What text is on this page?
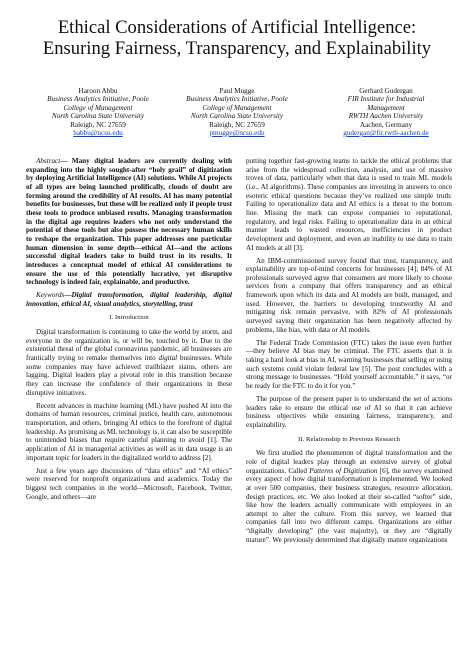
Ethical Considerations of Artificial Intelligence:
Ensuring Fairness, Transparency, and Explainability
Haroon Abbu
Business Analytics Initiative, Poole
College of Management
North Carolina State University
Raleigh, NC 27659
habbu@ncsu.edu
Paul Mugge
Business Analytics Initiative, Poole
College of Management
North Carolina State University
Raleigh, NC 27659
pmugge@ncsu.edu
Gerhard Gudergan
FIR Institute for Industrial
Management
RWTH Aachen University
Aachen, Germany
gudergan@fir.rwth-aachen.de

Abstract— Many digital leaders are currently dealing with expanding into the highly sought-after “holy grail” of digitization by deploying Artificial Intelligence (AI) solutions. While AI projects of all types are being launched prolifically, clouds of doubt are forming around the credibility of AI results. AI has many potential benefits for businesses, but these will be realized only if people trust these tools to produce unbiased results. Managing transformation in the digital age requires leaders who not only understand the potential of these tools but also possess the necessary human skills to reshape the organization. This paper addresses one particular human dimension in some depth—ethical AI—and the actions successful digital leaders take to build trust in its results. It introduces a conceptual model of ethical AI considerations to ensure the use of this potentially lucrative, yet disruptive technology is indeed fair, explainable, and productive.

Keywords—Digital transformation, digital leadership, digital innovation, ethical AI, visual analytics, storytelling, trust

I. Introduction

Digital transformation is continuing to take the world by storm, and everyone in the organization is, or will be, touched by it. Due to the existential threat of the global coronavirus pandemic, all businesses are frantically trying to remake themselves into digital businesses. While some companies may have achieved trailblazer status, others are lagging. Digital leaders play a pivotal role in this transition because they can increase the confidence of their organizations in these disruptive initiatives.

Recent advances in machine learning (ML) have pushed AI into the domains of human resources, criminal justice, health care, autonomous transportation, and others, bringing AI ethics to the forefront of digital leadership. As promising as ML technology is, it can also be susceptible to unintended biases that require careful planning to avoid [1]. The application of AI in managerial activities as well as in data usage is an important topic for leaders in the digitalized world to address [2].

Just a few years ago discussions of “data ethics” and “AI ethics” were reserved for nonprofit organizations and academics. Today the biggest tech companies in the world—Microsoft, Facebook, Twitter, Google, and others—are

putting together fast-growing teams to tackle the ethical problems that arise from the widespread collection, analysis, and use of massive troves of data, particularly when that data is used to train ML models (i.e., AI algorithms). These companies are investing in answers to once esoteric ethical questions because they’ve realized one simple truth: Failing to operationalize data and AI ethics is a threat to the bottom line. Missing the mark can expose companies to reputational, regulatory, and legal risks. Failing to operationalize data in an ethical manner leads to wasted resources, inefficiencies in product development and deployment, and even an inability to use data to train AI models at all [3].

An IBM-commissioned survey found that trust, transparency, and explainability are top-of-mind concerns for businesses [4]; 84% of AI professionals surveyed agree that consumers are more likely to choose services from a company that offers transparency and an ethical framework upon which its data and AI models are built, managed, and used. However, the barriers to developing trustworthy AI and mitigating risk remain pervasive, with 82% of AI professionals surveyed saying their organization has been negatively affected by problems, like bias, with data or AI models.

The Federal Trade Commission (FTC) takes the issue even further—they believe AI bias may be criminal. The FTC asserts that it is taking a hard look at bias in AI, warning businesses that selling or using such systems could violate federal law [5]. The post concludes with a strong message to businesses. “Hold yourself accountable,” it says, “or be ready for the FTC to do it for you.”

The purpose of the present paper is to understand the set of actions leaders take to ensure the ethical use of AI so that it can achieve business objectives while ensuring fairness, transparency, and explainability.

II. Relationship to Previous Research

We first studied the phenomenon of digital transformation and the role of digital leaders play through an extensive survey of global organizations. Called Patterns of Digitization [6], the survey examined every aspect of how digital transformation is implemented. We looked at over 500 companies, their business strategies, resource allocation, design practices, etc. We also looked at their so-called “softer” side, like how the leaders actually communicate with employees in an attempt to alter the culture. From this survey, we learned that companies fall into two different camps. Organizations are either “digitally developing” (the vast majority), or they are “digitally mature”. We previously determined that digitally mature organizations
